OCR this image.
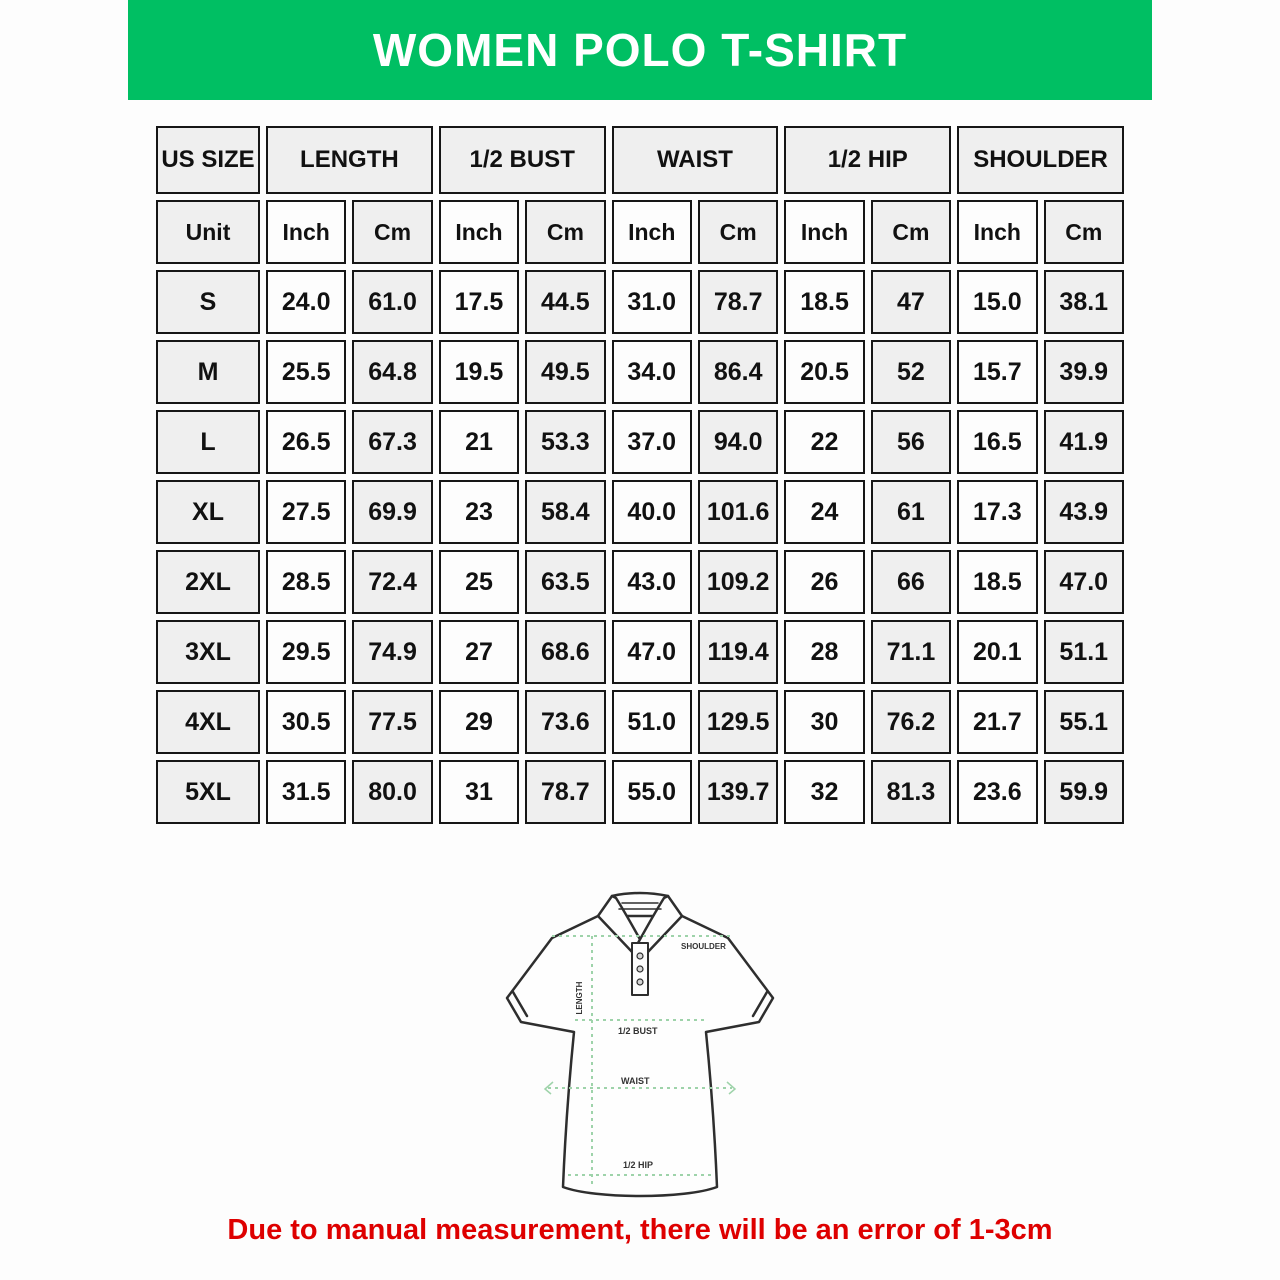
WOMEN POLO T-SHIRT
US SIZE	LENGTH		1/2 BUST		WAIST		1/2 HIP		SHOULDER	
Unit	Inch	Cm	Inch	Cm	Inch	Cm	Inch	Cm	Inch	Cm
S	24.0	61.0	17.5	44.5	31.0	78.7	18.5	47	15.0	38.1
M	25.5	64.8	19.5	49.5	34.0	86.4	20.5	52	15.7	39.9
L	26.5	67.3	21	53.3	37.0	94.0	22	56	16.5	41.9
XL	27.5	69.9	23	58.4	40.0	101.6	24	61	17.3	43.9
2XL	28.5	72.4	25	63.5	43.0	109.2	26	66	18.5	47.0
3XL	29.5	74.9	27	68.6	47.0	119.4	28	71.1	20.1	51.1
4XL	30.5	77.5	29	73.6	51.0	129.5	30	76.2	21.7	55.1
5XL	31.5	80.0	31	78.7	55.0	139.7	32	81.3	23.6	59.9
SHOULDER
LENGTH
1/2 BUST
WAIST
1/2 HIP

Due to manual measurement, there will be an error of 1-3cm
